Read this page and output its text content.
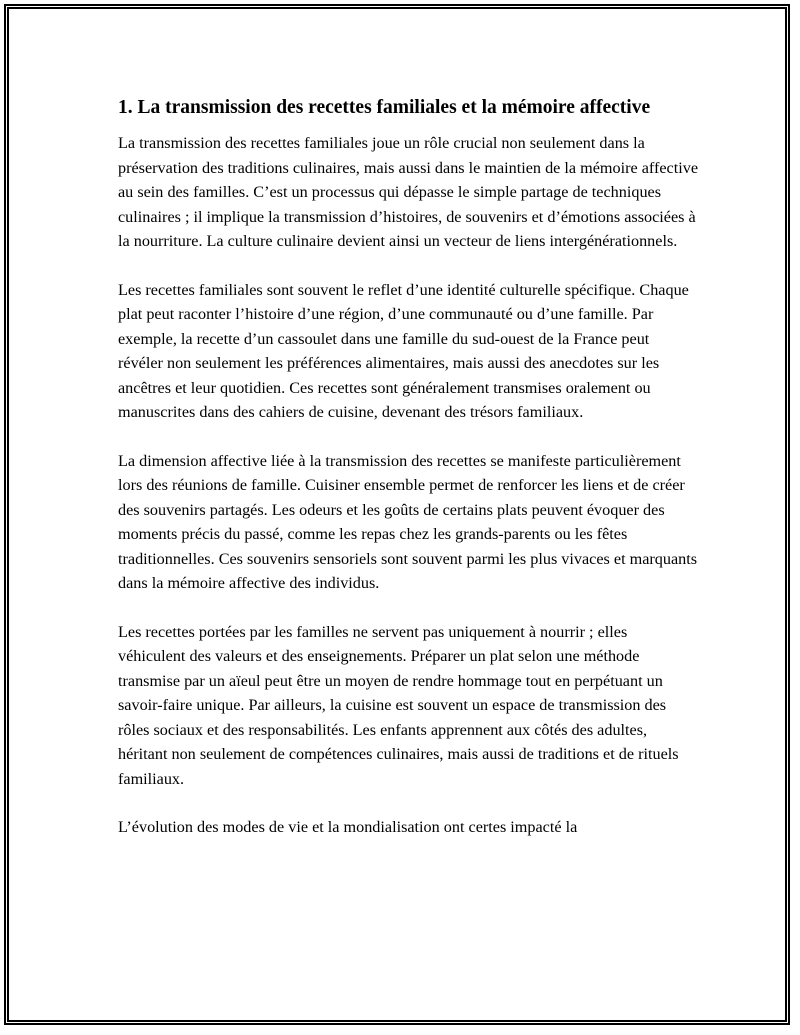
1. La transmission des recettes familiales et la mémoire affective

La transmission des recettes familiales joue un rôle crucial non seulement dans la préservation des traditions culinaires, mais aussi dans le maintien de la mémoire affective au sein des familles. C’est un processus qui dépasse le simple partage de techniques culinaires ; il implique la transmission d’histoires, de souvenirs et d’émotions associées à la nourriture. La culture culinaire devient ainsi un vecteur de liens intergénérationnels.

Les recettes familiales sont souvent le reflet d’une identité culturelle spécifique. Chaque plat peut raconter l’histoire d’une région, d’une communauté ou d’une famille. Par exemple, la recette d’un cassoulet dans une famille du sud-ouest de la France peut révéler non seulement les préférences alimentaires, mais aussi des anecdotes sur les ancêtres et leur quotidien. Ces recettes sont généralement transmises oralement ou manuscrites dans des cahiers de cuisine, devenant des trésors familiaux.

La dimension affective liée à la transmission des recettes se manifeste particulièrement lors des réunions de famille. Cuisiner ensemble permet de renforcer les liens et de créer des souvenirs partagés. Les odeurs et les goûts de certains plats peuvent évoquer des moments précis du passé, comme les repas chez les grands-parents ou les fêtes traditionnelles. Ces souvenirs sensoriels sont souvent parmi les plus vivaces et marquants dans la mémoire affective des individus.

Les recettes portées par les familles ne servent pas uniquement à nourrir ; elles véhiculent des valeurs et des enseignements. Préparer un plat selon une méthode transmise par un aïeul peut être un moyen de rendre hommage tout en perpétuant un savoir-faire unique. Par ailleurs, la cuisine est souvent un espace de transmission des rôles sociaux et des responsabilités. Les enfants apprennent aux côtés des adultes, héritant non seulement de compétences culinaires, mais aussi de traditions et de rituels familiaux.

L’évolution des modes de vie et la mondialisation ont certes impacté la
